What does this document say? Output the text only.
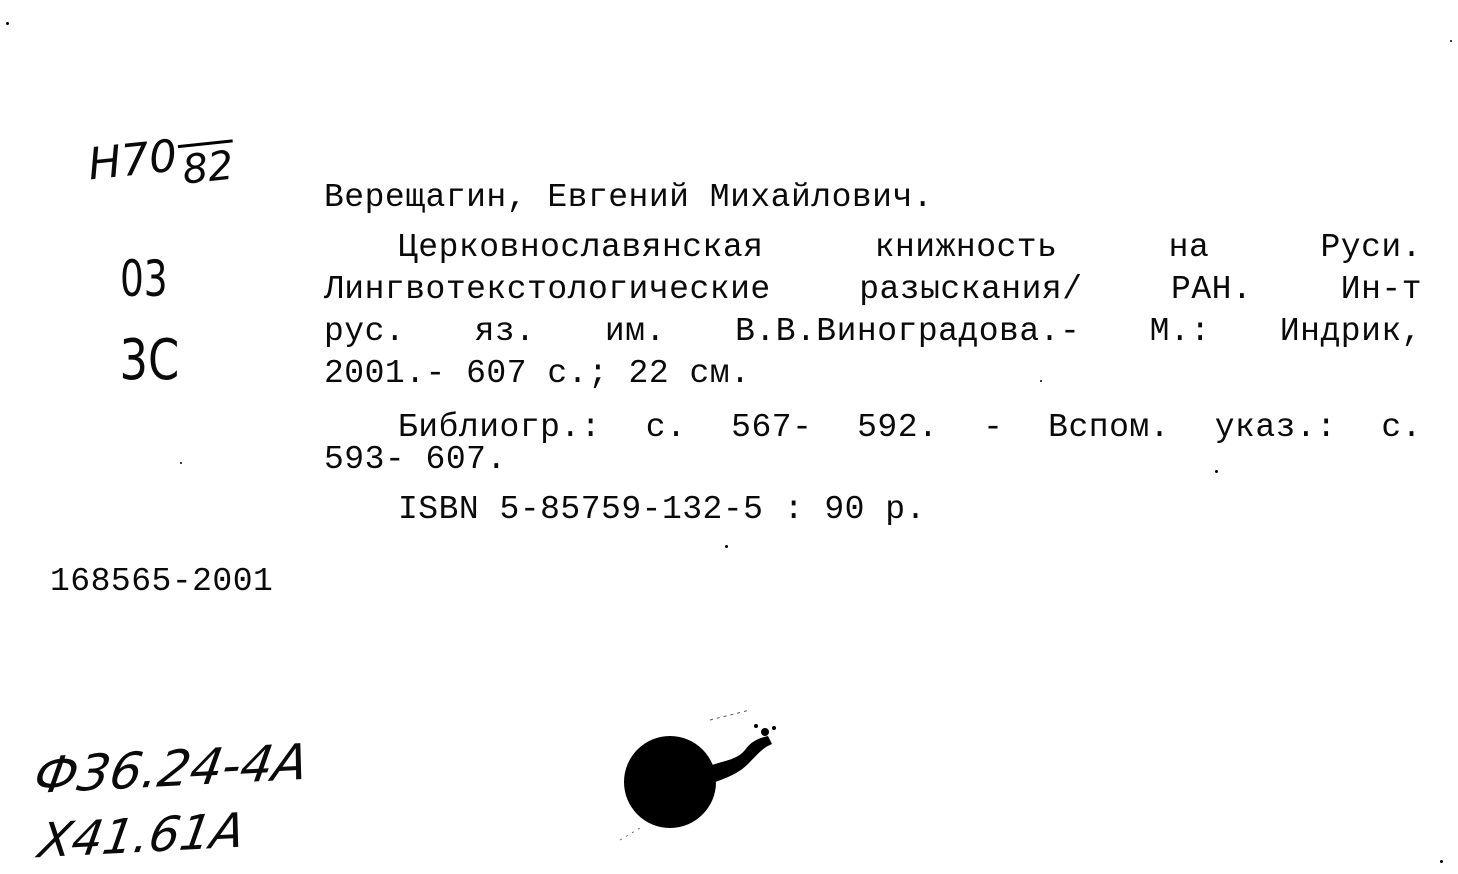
Н7082
03
3С
Верещагин, Евгений Михайлович.
Церковнославянская	книжность	на	Руси.
Лингвотекстологические	разыскания/	РАН.	Ин-т
рус. яз. им. В.В.Виноградова.- М.: Индрик,
2001.- 607 с.; 22 см.
Библиогр.: с. 567- 592. - Вспом. указ.: с.
593- 607.
ISBN 5-85759-132-5 : 90 р.
168565-2001
Ф36.24-4А
Х41.61А
